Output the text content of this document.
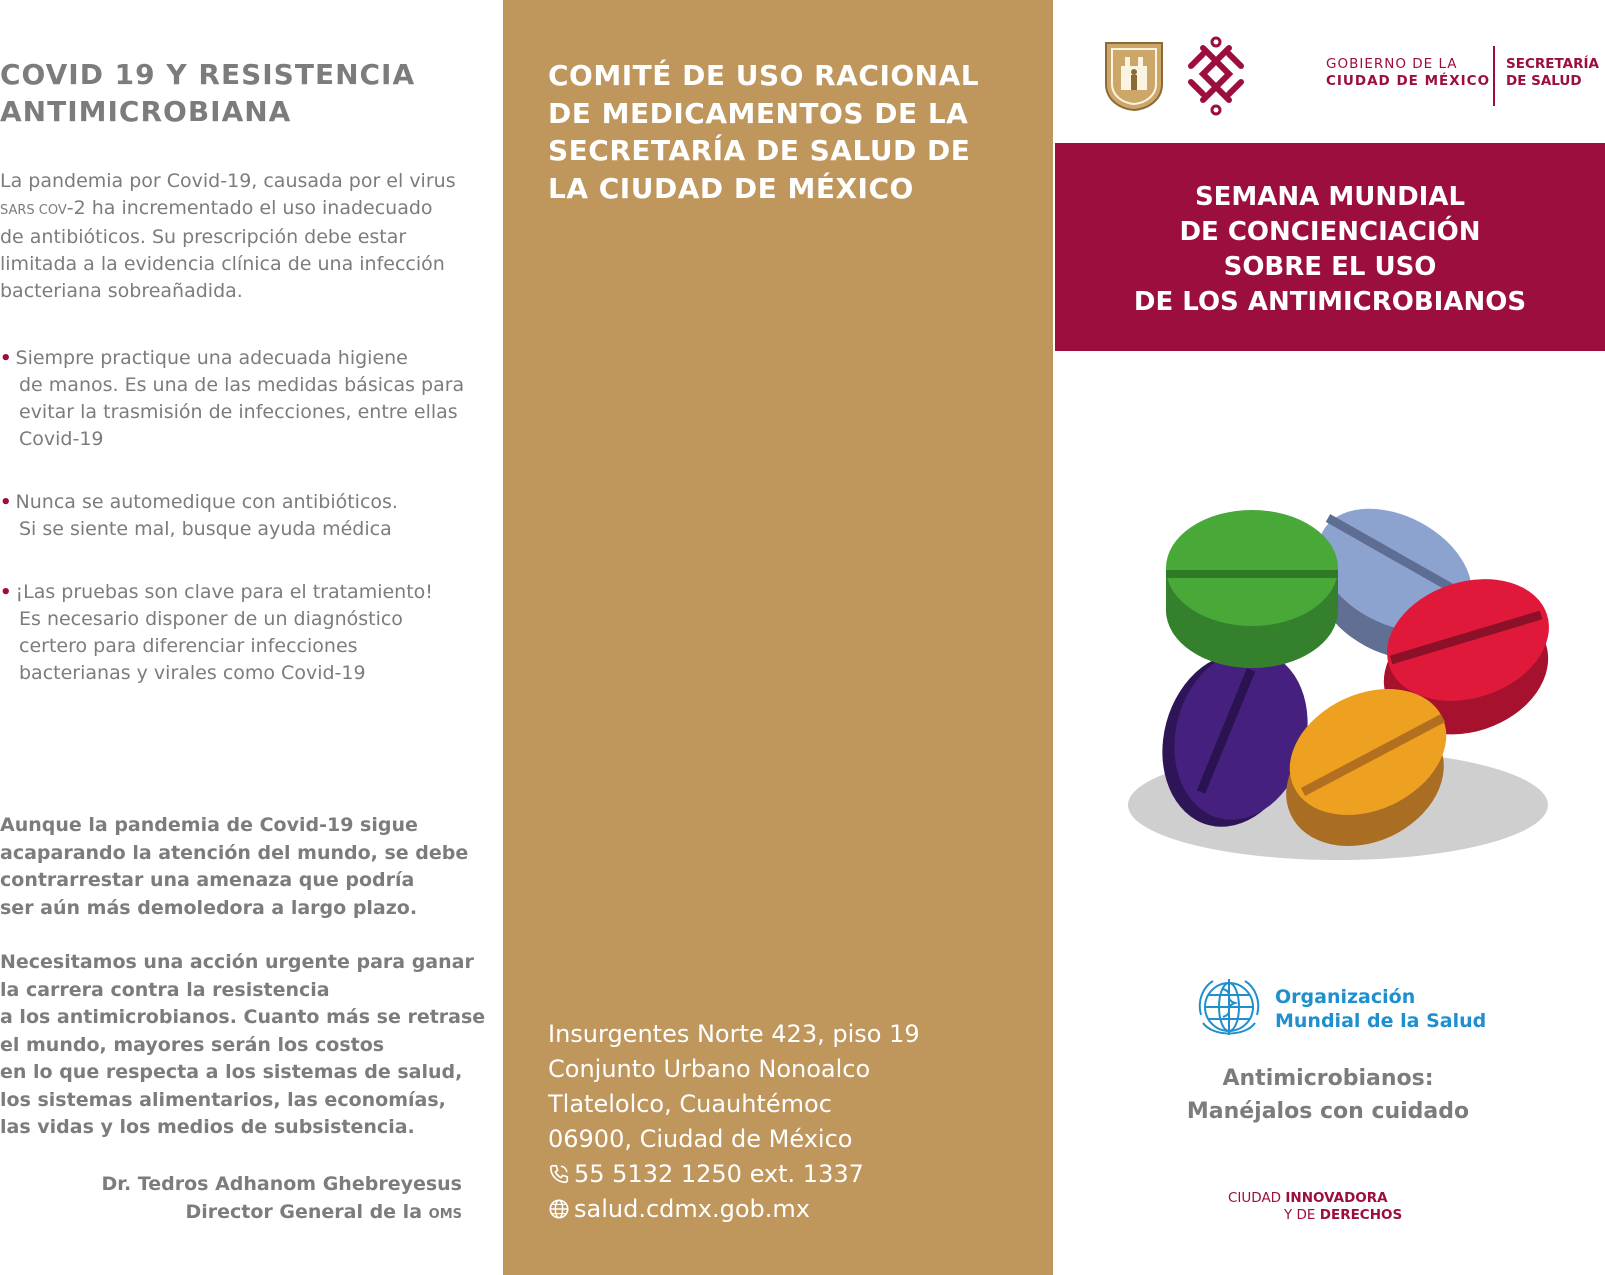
COVID 19 Y RESISTENCIA
ANTIMICROBIANA
La pandemia por Covid-19, causada por el virus
SARS COV-2 ha incrementado el uso inadecuado
de antibióticos. Su prescripción debe estar
limitada a la evidencia clínica de una infección
bacteriana sobreañadida.
• Siempre practique una adecuada higiene
de manos. Es una de las medidas básicas para
evitar la trasmisión de infecciones, entre ellas
Covid-19
• Nunca se automedique con antibióticos.
Si se siente mal, busque ayuda médica
• ¡Las pruebas son clave para el tratamiento!
Es necesario disponer de un diagnóstico
certero para diferenciar infecciones
bacterianas y virales como Covid-19
Aunque la pandemia de Covid-19 sigue
acaparando la atención del mundo, se debe
contrarrestar una amenaza que podría
ser aún más demoledora a largo plazo.
Necesitamos una acción urgente para ganar
la carrera contra la resistencia
a los antimicrobianos. Cuanto más se retrase
el mundo, mayores serán los costos
en lo que respecta a los sistemas de salud,
los sistemas alimentarios, las economías,
las vidas y los medios de subsistencia.
Dr. Tedros Adhanom Ghebreyesus
Director General de la OMS
COMITÉ DE USO RACIONAL
DE MEDICAMENTOS DE LA
SECRETARÍA DE SALUD DE
LA CIUDAD DE MÉXICO
Insurgentes Norte 423, piso 19
Conjunto Urbano Nonoalco
Tlatelolco, Cuauhtémoc
06900, Ciudad de México
55 5132 1250 ext. 1337
salud.cdmx.gob.mx
GOBIERNO DE LA
CIUDAD DE MÉXICO
SECRETARÍA
DE SALUD
SEMANA MUNDIAL
DE CONCIENCIACIÓN
SOBRE EL USO
DE LOS ANTIMICROBIANOS
Organización
Mundial de la Salud
Antimicrobianos:
Manéjalos con cuidado
CIUDAD INNOVADORA
Y DE DERECHOS
